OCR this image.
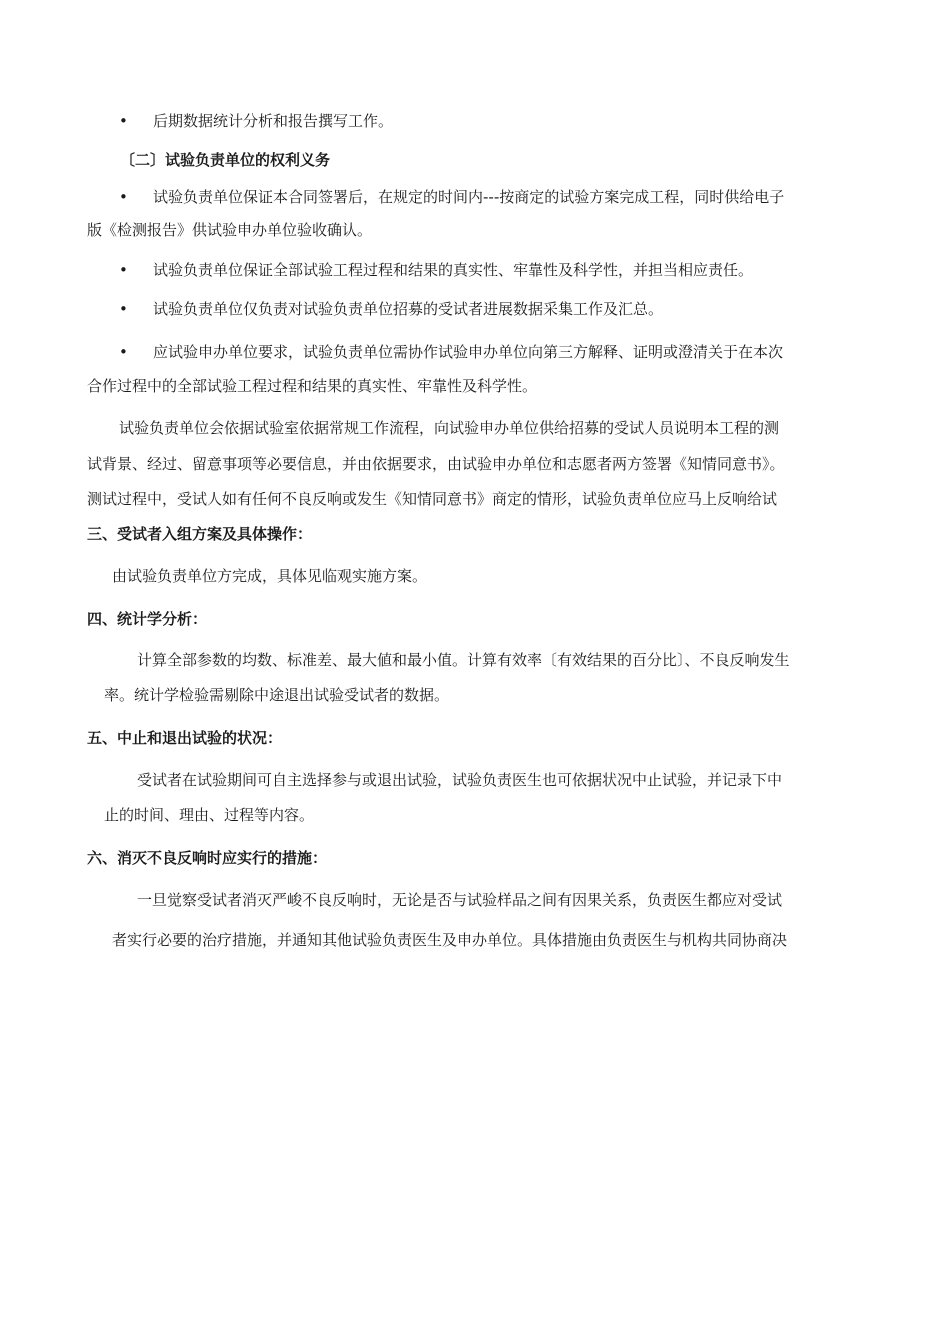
• 后期数据统计分析和报告撰写工作。
〔二〕试验负责单位的权利义务
• 试验负责单位保证本合同签署后，在规定的时间内---按商定的试验方案完成工程，同时供给电子
版《检测报告》供试验申办单位验收确认。
• 试验负责单位保证全部试验工程过程和结果的真实性、牢靠性及科学性，并担当相应责任。
• 试验负责单位仅负责对试验负责单位招募的受试者进展数据采集工作及汇总。
• 应试验申办单位要求，试验负责单位需协作试验申办单位向第三方解释、证明或澄清关于在本次
合作过程中的全部试验工程过程和结果的真实性、牢靠性及科学性。
试验负责单位会依据试验室依据常规工作流程，向试验申办单位供给招募的受试人员说明本工程的测
试背景、经过、留意事项等必要信息，并由依据要求，由试验申办单位和志愿者两方签署《知情同意书》。
测试过程中，受试人如有任何不良反响或发生《知情同意书》商定的情形，试验负责单位应马上反响给试
三、受试者入组方案及具体操作：
由试验负责单位方完成，具体见临观实施方案。
四、统计学分析：
计算全部参数的均数、标准差、最大値和最小值。计算有效率〔有效结果的百分比〕、不良反响发生
率。统计学检验需剔除中途退出试验受试者的数据。
五、中止和退出试验的状况：
受试者在试验期间可自主选择参与或退出试验，试验负责医生也可依据状况中止试验，并记录下中
止的时间、理由、过程等内容。
六、消灭不良反响时应实行的措施：
一旦觉察受试者消灭严峻不良反响时，无论是否与试验样品之间有因果关系，负责医生都应对受试
者实行必要的治疗措施，并通知其他试验负责医生及申办单位。具体措施由负责医生与机构共同协商决
